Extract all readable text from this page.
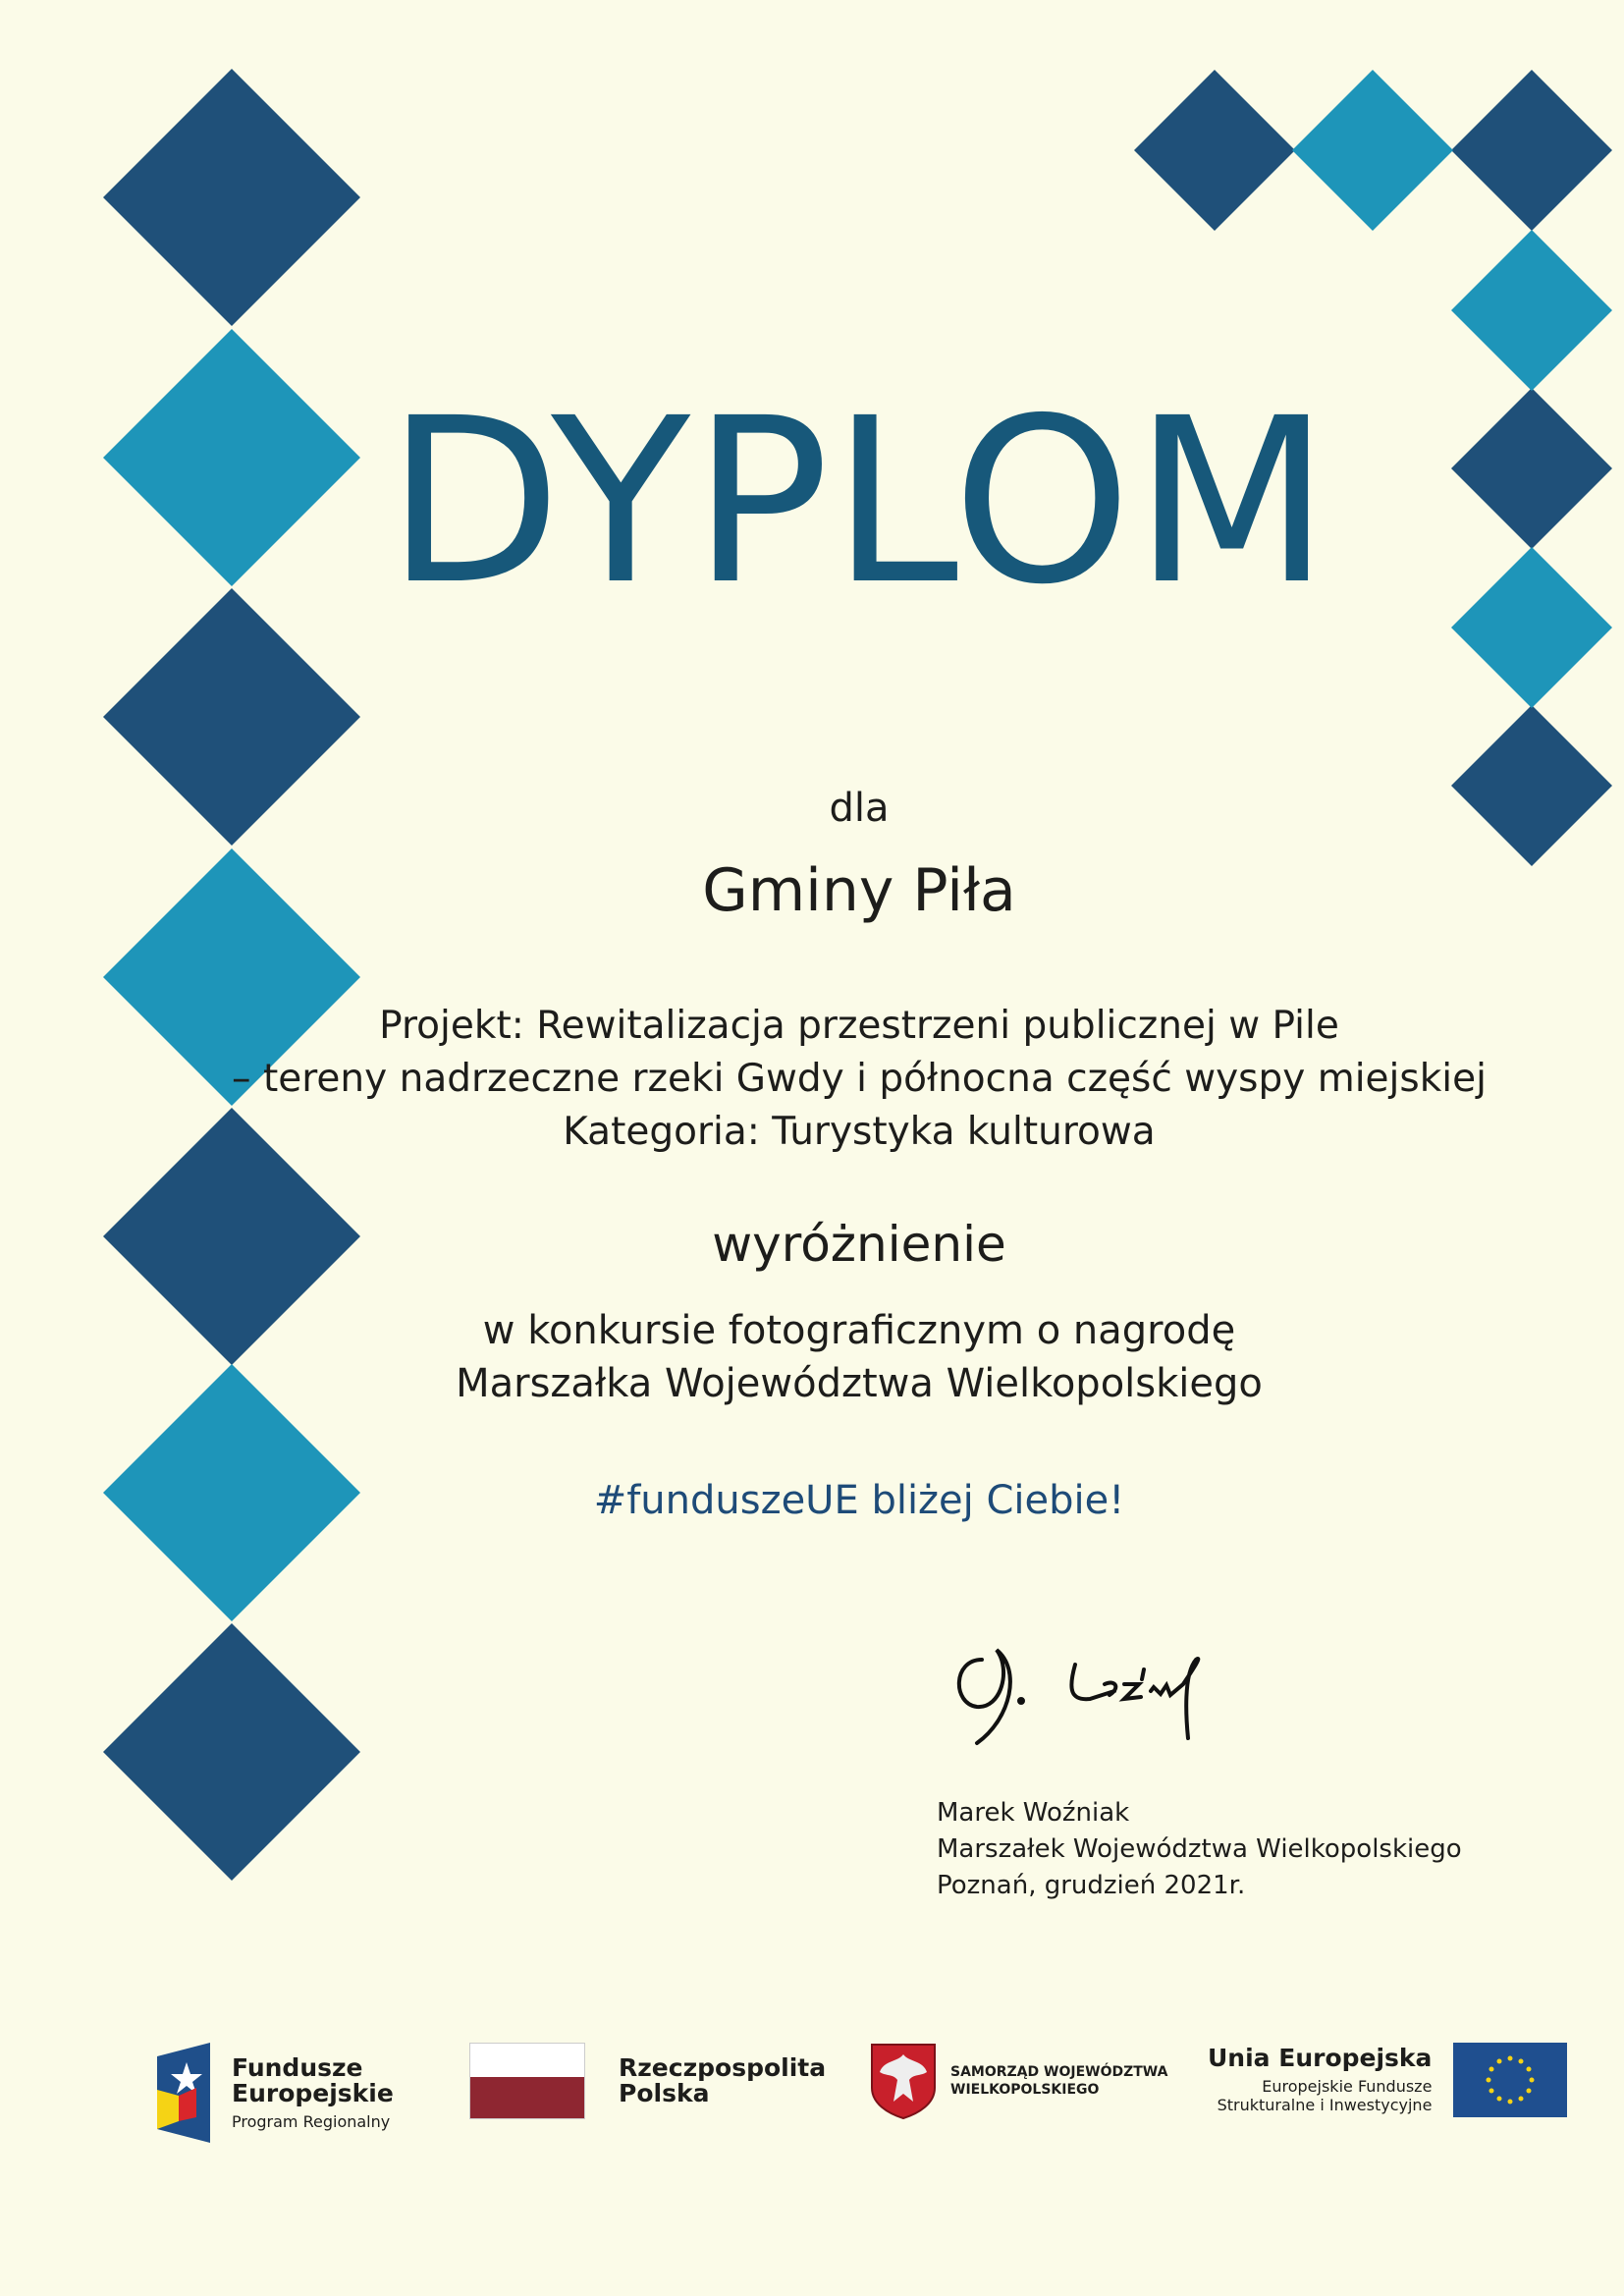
DYPLOM
dla
Gminy Piła
Projekt: Rewitalizacja przestrzeni publicznej w Pile
– tereny nadrzeczne rzeki Gwdy i północna część wyspy miejskiej
Kategoria: Turystyka kulturowa
wyróżnienie
w konkursie fotograficznym o nagrodę
Marszałka Województwa Wielkopolskiego
#funduszeUE bliżej Ciebie!
Marek Woźniak
Marszałek Województwa Wielkopolskiego
Poznań, grudzień 2021r.
Fundusze
Europejskie
Program Regionalny
Rzeczpospolita
Polska
SAMORZĄD WOJEWÓDZTWA
WIELKOPOLSKIEGO
Unia Europejska
Europejskie Fundusze
Strukturalne i Inwestycyjne
